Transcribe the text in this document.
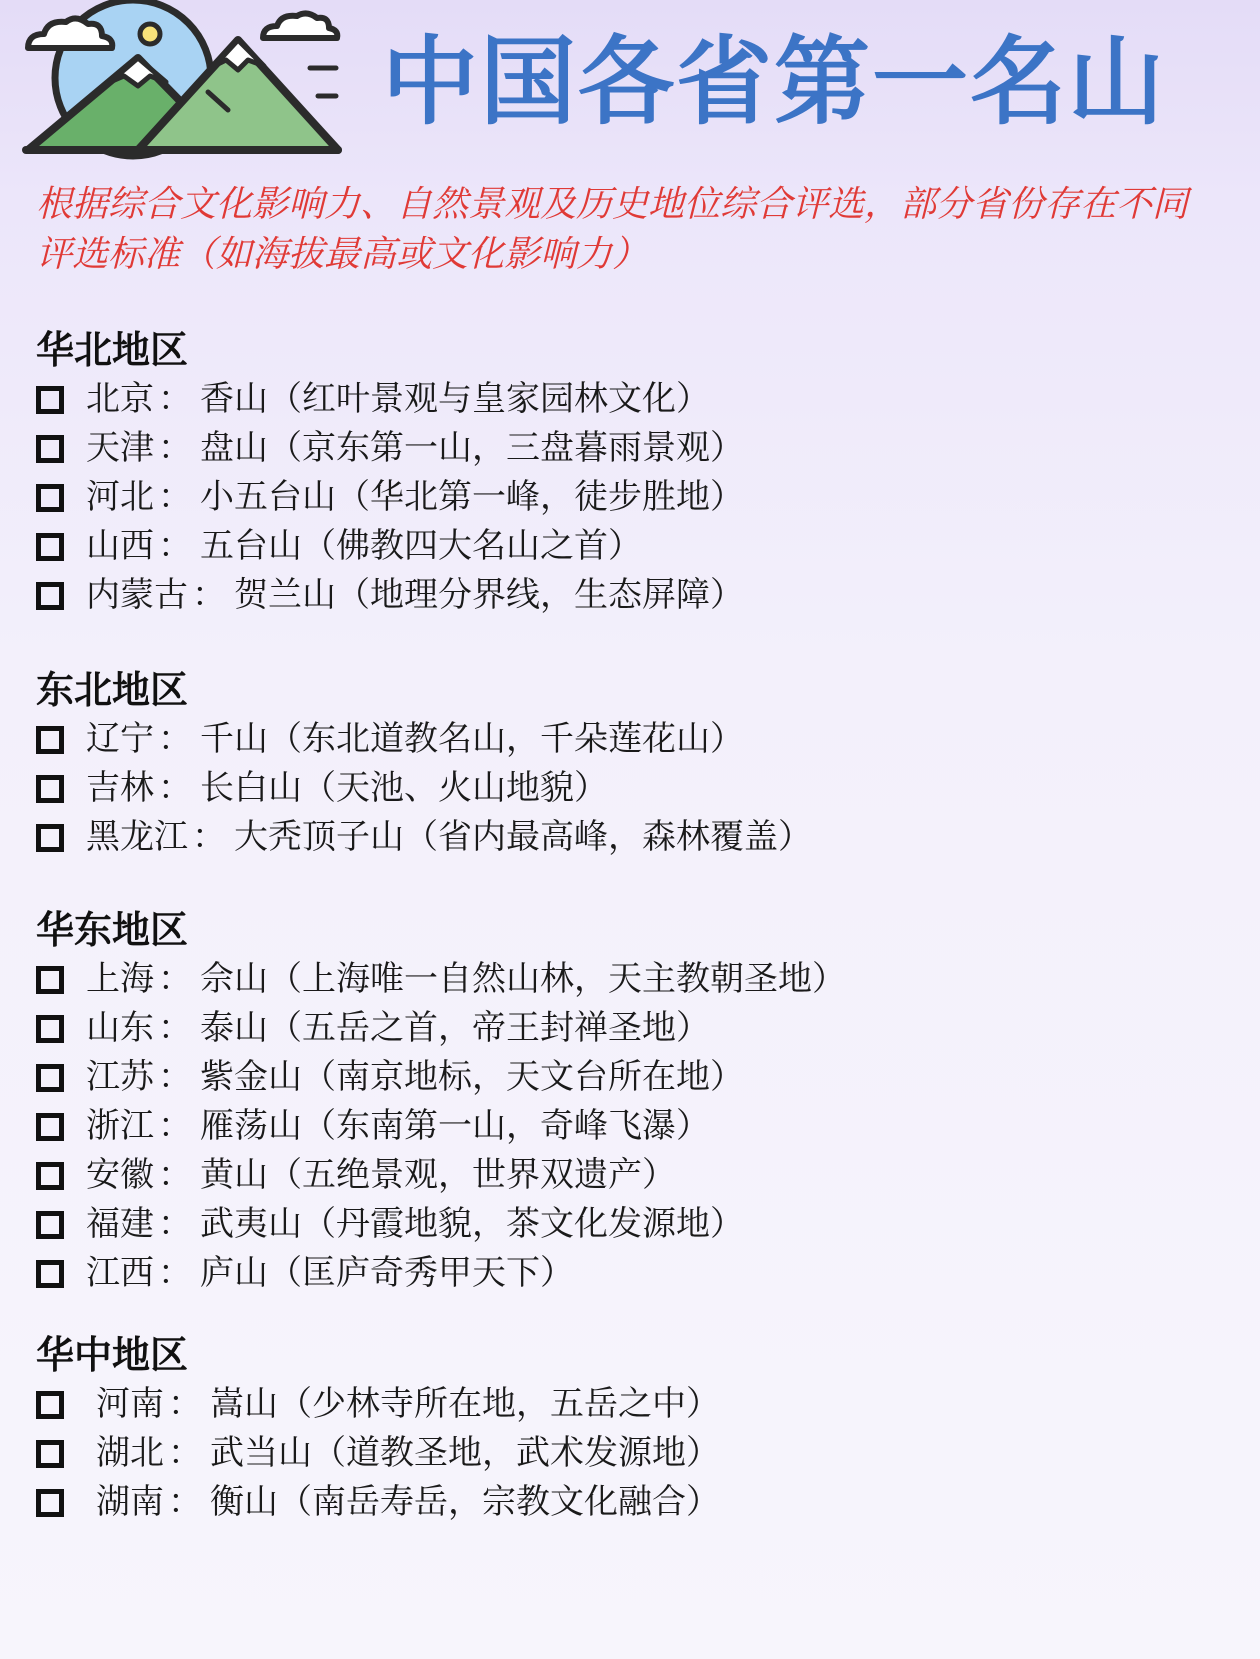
中国各省第一名山
根据综合文化影响力、自然景观及历史地位综合评选，部分省份存在不同评选标准（如海拔最高或文化影响力）
华北地区
北京 ： 香山 （红叶景观与皇家园林文化）
天津 ： 盘山 （京东第一山，三盘暮雨景观）
河北 ： 小五台山 （华北第一峰，徒步胜地）
山西 ： 五台山 （佛教四大名山之首）
内蒙古 ： 贺兰山 （地理分界线，生态屏障）
东北地区
辽宁 ： 千山 （东北道教名山，千朵莲花山）
吉林 ： 长白山 （天池、火山地貌）
黑龙江 ： 大秃顶子山 （省内最高峰，森林覆盖）
华东地区
上海 ： 佘山 （上海唯一自然山林，天主教朝圣地）
山东 ： 泰山 （五岳之首，帝王封禅圣地）
江苏 ： 紫金山 （南京地标，天文台所在地）
浙江 ： 雁荡山 （东南第一山，奇峰飞瀑）
安徽 ： 黄山 （五绝景观，世界双遗产）
福建 ： 武夷山 （丹霞地貌，茶文化发源地）
江西 ： 庐山 （匡庐奇秀甲天下）
华中地区
河南 ： 嵩山 （少林寺所在地，五岳之中）
湖北 ： 武当山 （道教圣地，武术发源地）
湖南 ： 衡山 （南岳寿岳，宗教文化融合）
